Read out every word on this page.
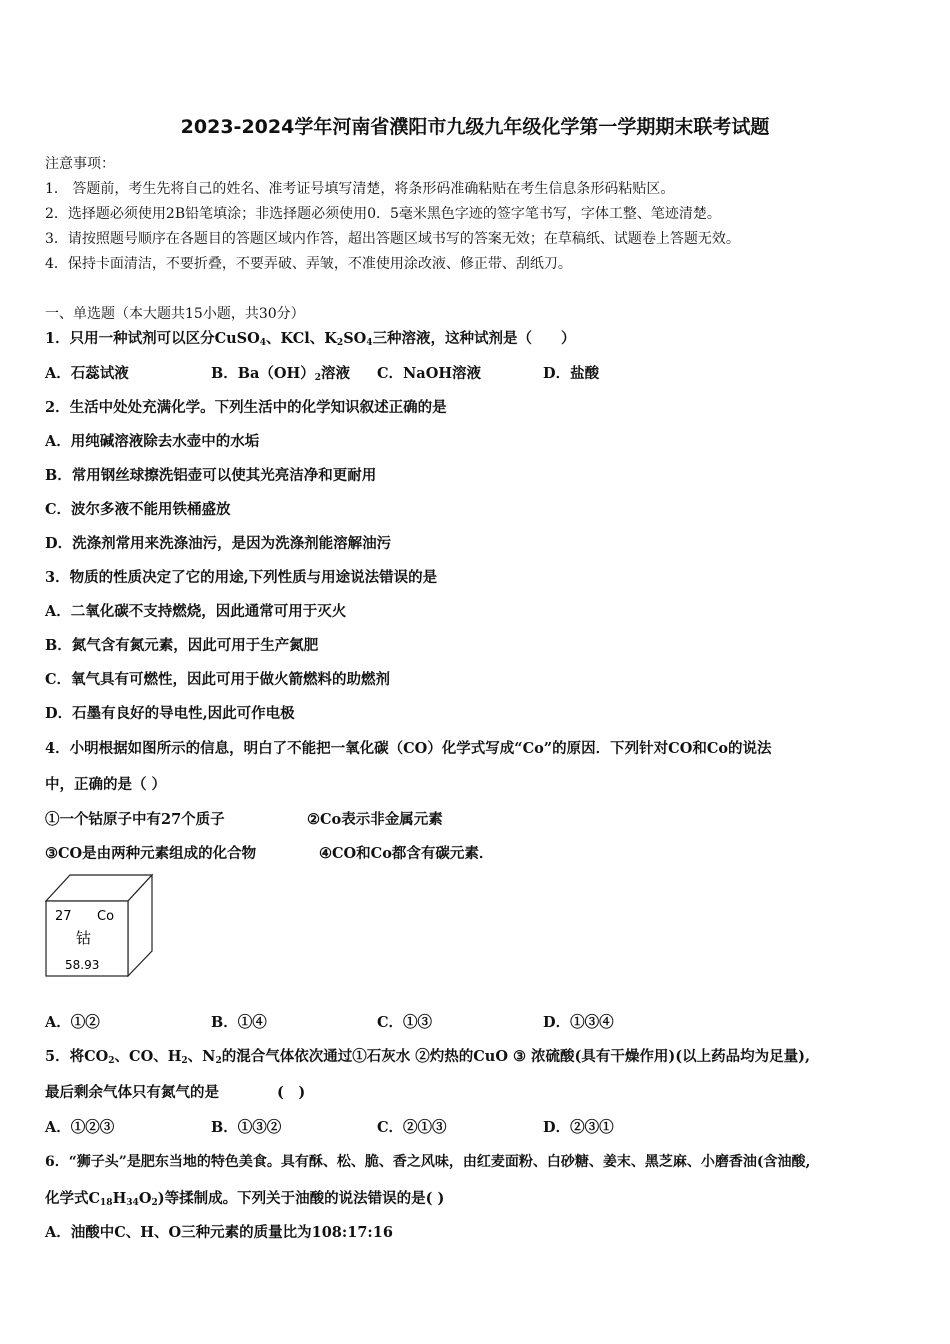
2023-2024学年河南省濮阳市九级九年级化学第一学期期末联考试题
注意事项：
1． 答题前，考生先将自己的姓名、准考证号填写清楚，将条形码准确粘贴在考生信息条形码粘贴区。
2．选择题必须使用2B铅笔填涂；非选择题必须使用0．5毫米黑色字迹的签字笔书写，字体工整、笔迹清楚。
3．请按照题号顺序在各题目的答题区域内作答，超出答题区域书写的答案无效；在草稿纸、试题卷上答题无效。
4．保持卡面清洁，不要折叠，不要弄破、弄皱，不准使用涂改液、修正带、刮纸刀。
一、单选题（本大题共15小题，共30分）
1．只用一种试剂可以区分CuSO$_4$、KCl、$K_2SO_4$三种溶液，这种试剂是（　　）
A．石蕊试液	B．$Ba(OH)_2$溶液 C．NaOH溶液	D．盐酸
2．生活中处处充满化学。下列生活中的化学知识叙述正确的是
A．用纯碱溶液除去水壶中的水垢
B．常用钢丝球擦洗铝壶可以使其光亮洁净和更耐用
C．波尔多液不能用铁桶盛放
D．洗涤剂常用来洗涤油污，是因为洗涤剂能溶解油污
3．物质的性质决定了它的用途,下列性质与用途说法错误的是
A．二氧化碳不支持燃烧，因此通常可用于灭火
B．氮气含有氮元素，因此可用于生产氮肥
C．氧气具有可燃性，因此可用于做火箭燃料的助燃剂
D．石墨有良好的导电性,因此可作电极
4．小明根据如图所示的信息，明白了不能把一氧化碳（CO）化学式写成“Co”的原因．下列针对CO和Co的说法
中，正确的是（ ）
①一个钴原子中有27个质子	②Co表示非金属元素
③CO是由两种元素组成的化合物	④CO和Co都含有碳元素．
27 Co
钴
58.93
A．①②	B．①④	C．①③	D．①③④
5．将$CO_2$、CO、$H_2$、$N_2$的混合气体依次通过①石灰水 ②灼热的CuO ③ 浓硫酸(具有干燥作用)(以上药品均为足量),
最后剩余气体只有氮气的是　　　　(　)
A．①②③	B．①③②	C．②①③	D．②③①
6．“狮子头”是肥东当地的特色美食。具有酥、松、脆、香之风味，由红麦面粉、白砂糖、姜末、黑芝麻、小磨香油(含油酸,
化学式$C_{18}H_{34}O_2$)等揉制成。下列关于油酸的说法错误的是( )
A．油酸中C、H、O三种元素的质量比为108:17:16
